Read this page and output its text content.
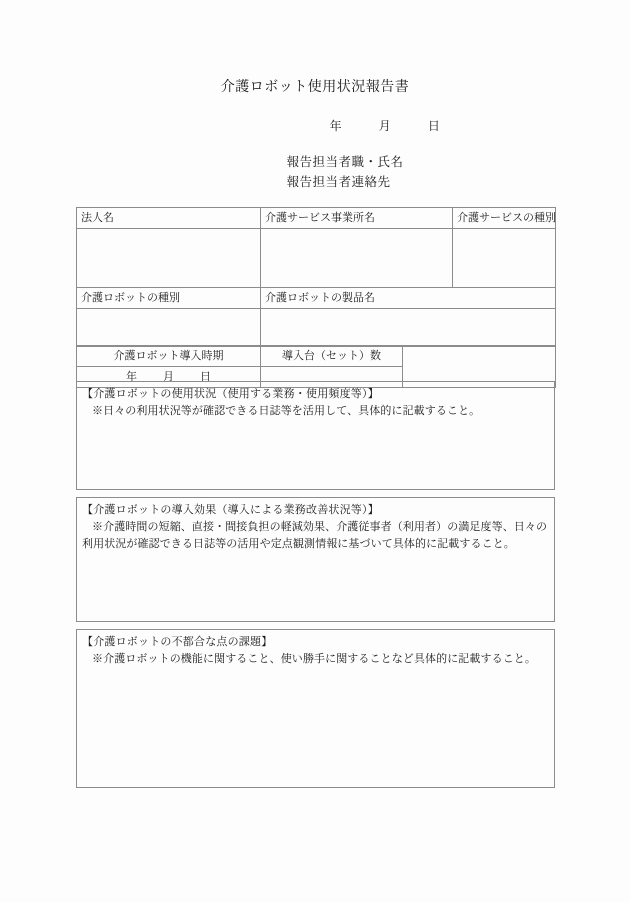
介護ロボット使用状況報告書
年	月	日
報告担当者職・氏名
報告担当者連絡先
法人名	介護サービス事業所名	介護サービスの種別

介護ロボットの種別	介護ロボットの製品名

介護ロボット導入時期	導入台（セット）数	
年 月 日		
【介護ロボットの使用状況（使用する業務・使用頻度等）】
※日々の利用状況等が確認できる日誌等を活用して、具体的に記載すること。
【介護ロボットの導入効果（導入による業務改善状況等）】
※介護時間の短縮、直接・間接負担の軽減効果、介護従事者（利用者）の満足度等、日々の利用状況が確認できる日誌等の活用や定点観測情報に基づいて具体的に記載すること。
【介護ロボットの不都合な点の課題】
※介護ロボットの機能に関すること、使い勝手に関することなど具体的に記載すること。
